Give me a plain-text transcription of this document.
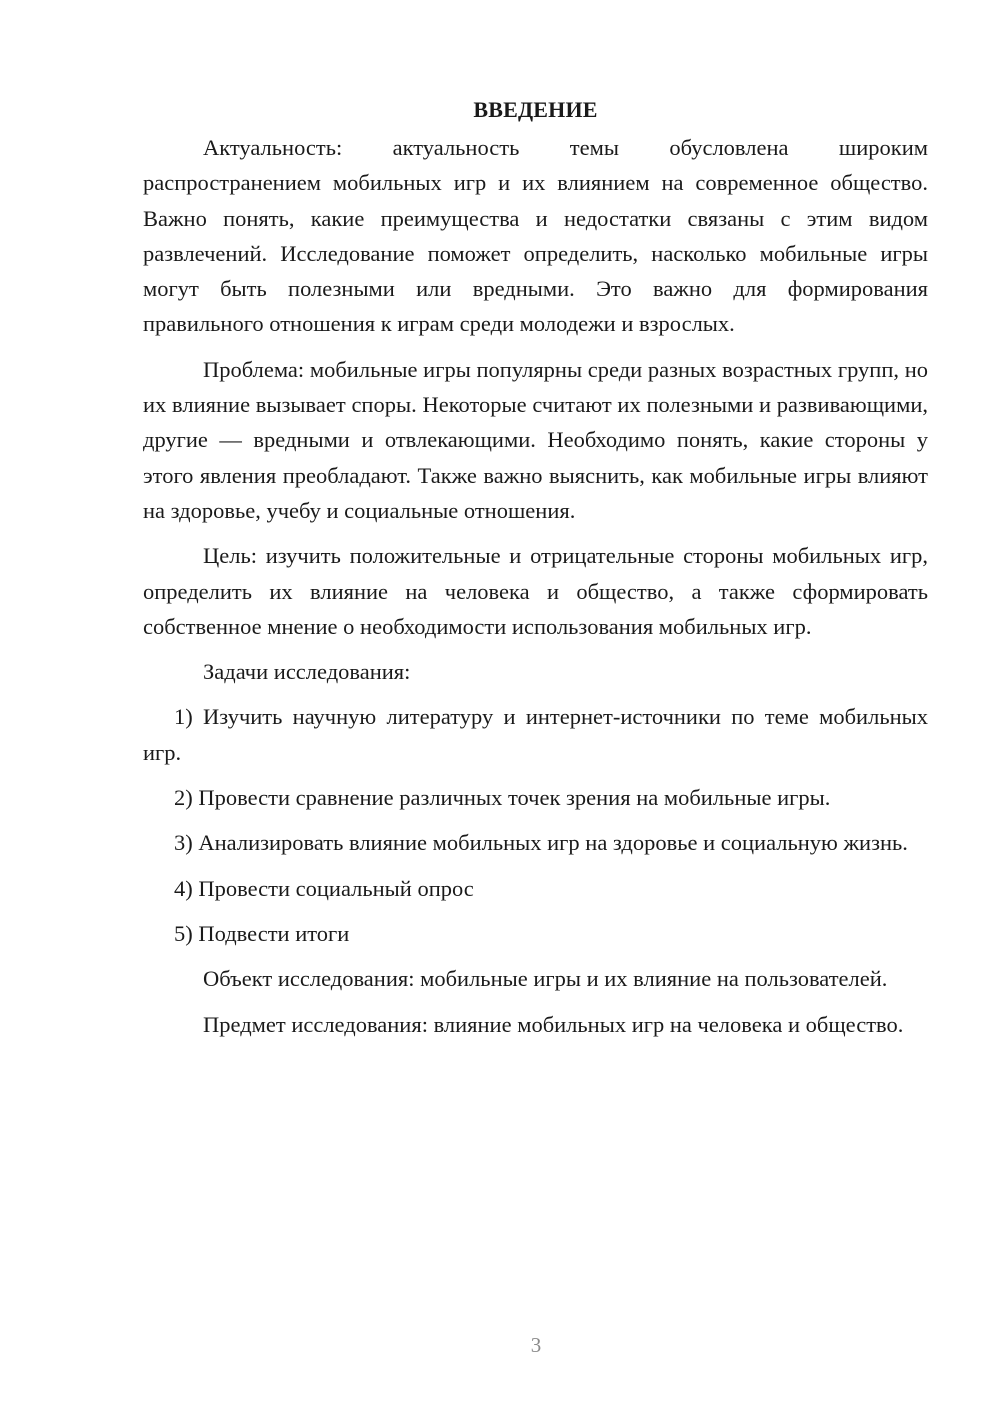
ВВЕДЕНИЕ

Актуальность: актуальность темы обусловлена широким распространением мобильных игр и их влиянием на современное общество. Важно понять, какие преимущества и недостатки связаны с этим видом развлечений. Исследование поможет определить, насколько мобильные игры могут быть полезными или вредными. Это важно для формирования правильного отношения к играм среди молодежи и взрослых.

Проблема: мобильные игры популярны среди разных возрастных групп, но их влияние вызывает споры. Некоторые считают их полезными и развивающими, другие — вредными и отвлекающими. Необходимо понять, какие стороны у этого явления преобладают. Также важно выяснить, как мобильные игры влияют на здоровье, учебу и социальные отношения.

Цель: изучить положительные и отрицательные стороны мобильных игр, определить их влияние на человека и общество, а также сформировать собственное мнение о необходимости использования мобильных игр.

Задачи исследования:

1) Изучить научную литературу и интернет-источники по теме мобильных игр.

2) Провести сравнение различных точек зрения на мобильные игры.

3) Анализировать влияние мобильных игр на здоровье и социальную жизнь.

4) Провести социальный опрос

5) Подвести итоги

Объект исследования: мобильные игры и их влияние на пользователей.

Предмет исследования: влияние мобильных игр на человека и общество.

3
